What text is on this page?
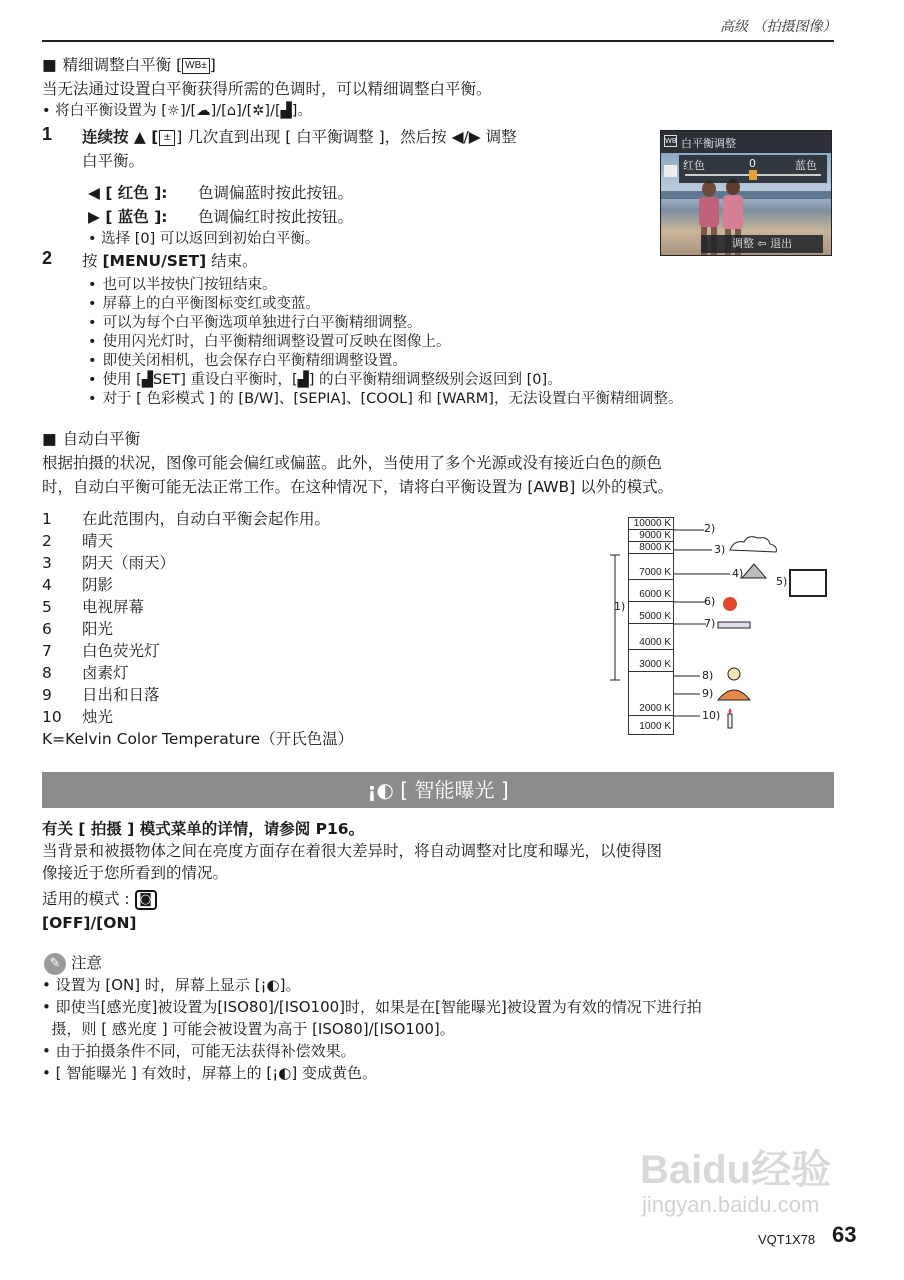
高级 （拍摄图像）
■ 精细调整白平衡 [ WB± ]
当无法通过设置白平衡获得所需的色调时，可以精细调整白平衡。
• 将白平衡设置为 [☼]/[☁]/[⌂]/[✲]/[▟]。
1 连续按 ▲ [ ± ] 几次直到出现 [ 白平衡调整 ]，然后按 ◀/▶ 调整
白平衡。
◀ [ 红色 ]: 色调偏蓝时按此按钮。
▶ [ 蓝色 ]: 色调偏红时按此按钮。
• 选择 [0] 可以返回到初始白平衡。
2 按 [MENU/SET] 结束。
• 也可以半按快门按钮结束。
• 屏幕上的白平衡图标变红或变蓝。
• 可以为每个白平衡选项单独进行白平衡精细调整。
• 使用闪光灯时，白平衡精细调整设置可反映在图像上。
• 即使关闭相机，也会保存白平衡精细调整设置。
• 使用 [▟SET] 重设白平衡时，[▟] 的白平衡精细调整级别会返回到 [0]。
• 对于 [ 色彩模式 ] 的 [B/W]、[SEPIA]、[COOL] 和 [WARM]，无法设置白平衡精细调整。
白平衡调整
WB
红色	0	蓝色
调整 ⇦ 退出
■ 自动白平衡
根据拍摄的状况，图像可能会偏红或偏蓝。此外，当使用了多个光源或没有接近白色的颜色
时，自动白平衡可能无法正常工作。在这种情况下，请将白平衡设置为 [AWB] 以外的模式。
1 在此范围内，自动白平衡会起作用。
2 晴天
3 阴天（雨天）
4 阴影
5 电视屏幕
6 阳光
7 白色荧光灯
8 卤素灯
9 日出和日落
10 烛光
K=Kelvin Color Temperature（开氏色温）
10000 K
9000 K
8000 K
7000 K
6000 K
5000 K
4000 K
3000 K
2000 K
1000 K
1)
2)
3)
4)
5)
6)
7)
8)
9)
10)
¡◐ [ 智能曝光 ]
有关 [ 拍摄 ] 模式菜单的详情，请参阅 P16。
当背景和被摄物体之间在亮度方面存在着很大差异时，将自动调整对比度和曝光，以使得图
像接近于您所看到的情况。
适用的模式 : ◙
[OFF]/[ON]
✎ 注意
• 设置为 [ON] 时，屏幕上显示 [¡◐]。
• 即使当[感光度]被设置为[ISO80]/[ISO100]时，如果是在[智能曝光]被设置为有效的情况下进行拍
摄，则 [ 感光度 ] 可能会被设置为高于 [ISO80]/[ISO100]。
• 由于拍摄条件不同，可能无法获得补偿效果。
• [ 智能曝光 ] 有效时，屏幕上的 [¡◐] 变成黄色。
Baidu经验
jingyan.baidu.com
VQT1X78 63
